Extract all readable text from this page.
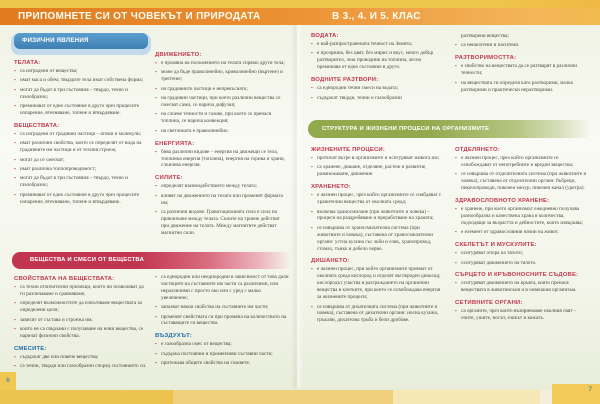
ПРИПОМНЕТЕ СИ ОТ ЧОВЕКЪТ И ПРИРОДАТА	В 3., 4. И 5. КЛАС
ФИЗИЧНИ ЯВЛЕНИЯ
ТЕЛАТА:
▪ са изградени от вещества;
▪ имат маса и обем; твърдите тела имат собствена форма;
▪ могат да бъдат в три състояния – твърдо, течно и газообразно;
▪ преминават от едно състояние в друго чрез процесите изпарение, втечняване, топене и втвърдяване.
ВЕЩЕСТВАТА:
▪ са изградени от градивни частици – атоми и молекули;
▪ имат различни свойства, които се определят от вида на градивните им частици и от техния строеж;
▪ могат да се смесват;
▪ имат различна топлопроводимост;
▪ могат да бъдат в три състояния – твърдо, течно и газообразно;
▪ преминават от едно състояние в друго чрез процесите изпарение, втечняване, топене и втвърдяване.
ДВИЖЕНИЕТО:
▪ е промяна на положението на телата спрямо други тела;
▪ може да бъде праволинейно, криволинейно (въртене) и трептене;
▪ на градивните частици е непрекъснато;
▪ на градивни частици, при което различни вещества се смесват сами, се нарича дифузия;
▪ на слоеве течности и газове, при което се пренася топлина, се нарича конвекция;
▪ на светлината е праволинейно.
ЕНЕРГИЯТА:
▪ бива различни видове – енергия на движещи се тела, топлинна енергия (топлина), енергия на горива и храни, слънчева енергия.
СИЛИТЕ:
▪ определят взаимодействието между телата;
▪ влияят на движението на телата или променят формата им;
▪ са различни видове. Гравитационната сила е сила на привличане между телата. Силите на триене действат при движение на телата. Между магнитите действат магнитни сили.
ВЕЩЕСТВА И СМЕСИ ОТ ВЕЩЕСТВА
СВОЙСТВАТА НА ВЕЩЕСТВАТА:
▪ са техни отличителни признаци, които ни позволяват да ги различаваме и сравняваме;
▪ определят възможностите да използваме веществата за определени цели;
▪ зависят от състава и строежа им;
▪ които не са свързани с получаване на нови вещества, се наричат физични свойства.
СМЕСИТЕ:
▪ съдържат две или повече вещества;
▪ са течни, твърди или газообразни според състоянието си.
▪ са еднородни или нееднородни в зависимост от това дали частиците на съставните им части са различими, или неразличими с просто око или с уред с малко увеличение;
▪ запазват някои свойства на съставните им части;
▪ променят свойствата си при промяна на количеството на съставящите ги вещества.
ВЪЗДУХЪТ:
▪ е газообразна смес от вещества;
▪ съдържа постоянни и променливи съставни части;
▪ притежава общите свойства на газовете.
ВОДАТА:
▪ е най-разпространената течност на Земята;
▪ е прозрачна, без цвят, без мирис и вкус, много добър разтворител, лош проводник на топлина, лесно преминава от едно състояние в друго.
ВОДНИТЕ РАЗТВОРИ:
▪ са еднородни течни смеси на водата;
▪ съдържат твърди, течни и газообразни
разтворени вещества;
▪ са ненаситени и наситени.
РАЗТВОРИМОСТТА:
▪ е свойство на веществата да се разтварят в различни течности;
▪ на веществата ги определя като разтворими, малко разтворими и практически неразтворими.
СТРУКТУРА И ЖИЗНЕНИ ПРОЦЕСИ НА ОРГАНИЗМИТЕ
ЖИЗНЕНИТЕ ПРОЦЕСИ:
▪ протичат вътре в организмите и осигуряват живота им;
▪ са хранене, дишане, отделяне, растеж и развитие, размножаване, движение.
ХРАНЕНЕТО:
▪ е жизнен процес, чрез който организмите се снабдяват с хранителни вещества от околната среда;
▪ включва храносмилане (при животните и човека) – процеси на раздробяване и преработване на храната;
▪ се извършва от храносмилателна система (при животните и човека), съставена от храносмилателни органи: устна кухина със зъби и език, хранопровод, стомах, тънко и дебело черво.
ДИШАНЕТО:
▪ е жизнен процес, при който организмите приемат от околната среда кислород и отделят въглероден диоксид; кислородът участва в разграждането на органични вещества в клетките, при което се освобождава енергия за жизнените процеси;
▪ се извършва от дихателната система (при животните и човека), съставена от дихателни органи: носна кухина, гръклян, дихателна тръба и бели дробове.
ОТДЕЛЯНЕТО:
▪ е жизнен процес, чрез който организмите се освобождават от непотребните и вредни вещества;
▪ се извършва от отделителната система (при животните и човека), съставена от отделителни органи: бъбреци, пикочопроводи, пикочен мехур, пикочен канал (уретра).
ЗДРАВОСЛОВНОТО ХРАНЕНЕ:
▪ е хранене, при което организмът ежедневно получава разнообразна и качествена храна в количества, подходящи за възрастта и дейностите, които извършва;
▪ е елемент от здравословния начин на живот.
СКЕЛЕТЪТ И МУСКУЛИТЕ:
▪ осигуряват опора на тялото;
▪ осигуряват движението на тялото.
СЪРЦЕТО И КРЪВОНОСНИТЕ СЪДОВЕ:
▪ осигуряват движението на кръвта, която пренася веществата в животинския и в човешкия организъм.
СЕТИВНИТЕ ОРГАНИ:
▪ са органите, чрез които възприемаме околния свят – очите, ушите, носът, езикът и кожата.
6
7
